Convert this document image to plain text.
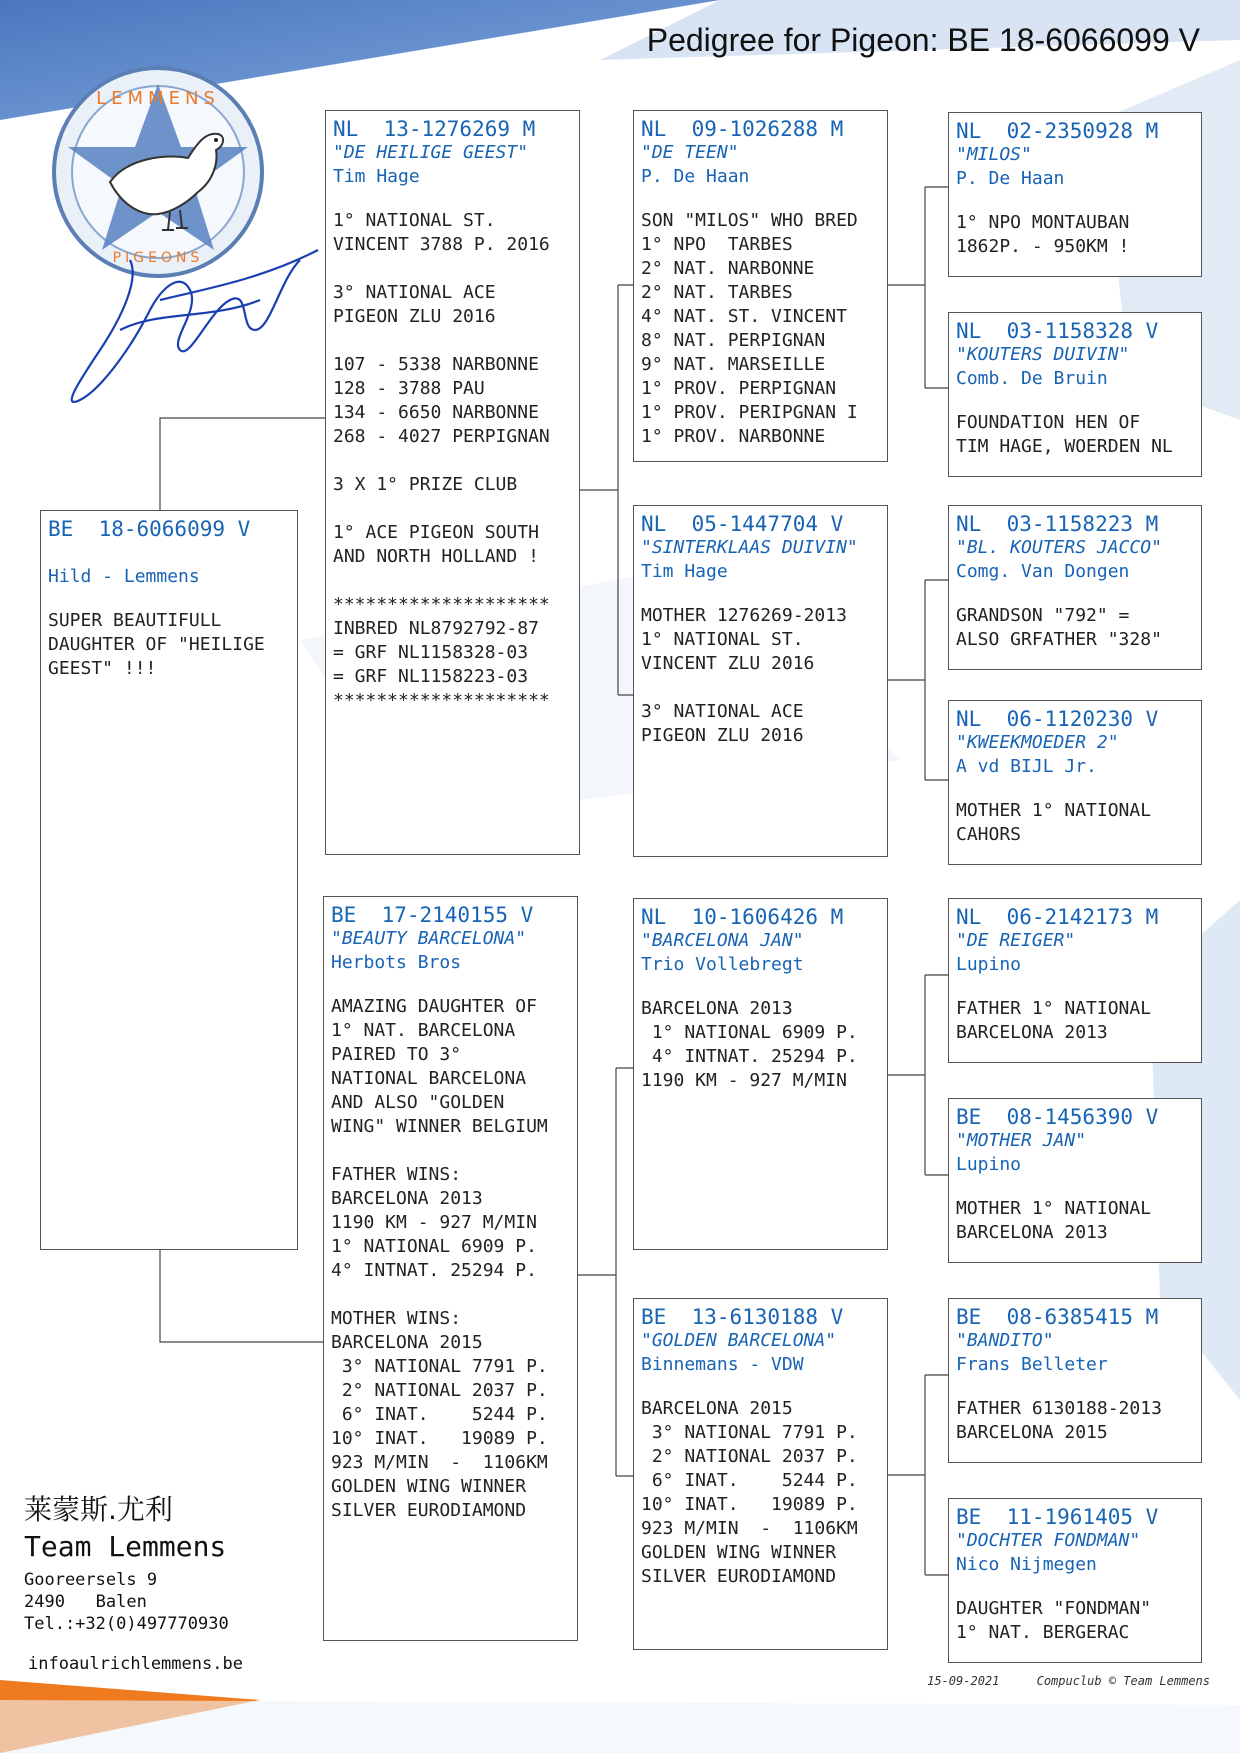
Pedigree for Pigeon: BE 18-6066099 V
LEMMENS
PIGEONS
BE  18-6066099 V
Hild - Lemmens
SUPER BEAUTIFULL
DAUGHTER OF "HEILIGE
GEEST" !!!
NL  13-1276269 M
"DE HEILIGE GEEST"
Tim Hage
1° NATIONAL ST.
VINCENT 3788 P. 2016

3° NATIONAL ACE
PIGEON ZLU 2016

107 - 5338 NARBONNE
128 - 3788 PAU
134 - 6650 NARBONNE
268 - 4027 PERPIGNAN

3 X 1° PRIZE CLUB

1° ACE PIGEON SOUTH
AND NORTH HOLLAND !

********************
INBRED NL8792792-87
= GRF NL1158328-03
= GRF NL1158223-03
********************
BE  17-2140155 V
"BEAUTY BARCELONA"
Herbots Bros
AMAZING DAUGHTER OF
1° NAT. BARCELONA
PAIRED TO 3°
NATIONAL BARCELONA
AND ALSO "GOLDEN
WING" WINNER BELGIUM

FATHER WINS:
BARCELONA 2013
1190 KM - 927 M/MIN
1° NATIONAL 6909 P.
4° INTNAT. 25294 P.

MOTHER WINS:
BARCELONA 2015
3° NATIONAL 7791 P.
2° NATIONAL 2037 P.
6° INAT.    5244 P.
10° INAT.   19089 P.
923 M/MIN  -  1106KM
GOLDEN WING WINNER
SILVER EURODIAMOND
NL  09-1026288 M
"DE TEEN"
P. De Haan
SON "MILOS" WHO BRED
1° NPO  TARBES
2° NAT. NARBONNE
2° NAT. TARBES
4° NAT. ST. VINCENT
8° NAT. PERPIGNAN
9° NAT. MARSEILLE
1° PROV. PERPIGNAN
1° PROV. PERIPGNAN I
1° PROV. NARBONNE
NL  05-1447704 V
"SINTERKLAAS DUIVIN"
Tim Hage
MOTHER 1276269-2013
1° NATIONAL ST.
VINCENT ZLU 2016

3° NATIONAL ACE
PIGEON ZLU 2016
NL  10-1606426 M
"BARCELONA JAN"
Trio Vollebregt
BARCELONA 2013
1° NATIONAL 6909 P.
4° INTNAT. 25294 P.
1190 KM - 927 M/MIN
BE  13-6130188 V
"GOLDEN BARCELONA"
Binnemans - VDW
BARCELONA 2015
3° NATIONAL 7791 P.
2° NATIONAL 2037 P.
6° INAT.    5244 P.
10° INAT.   19089 P.
923 M/MIN  -  1106KM
GOLDEN WING WINNER
SILVER EURODIAMOND
NL  02-2350928 M
"MILOS"
P. De Haan
1° NPO MONTAUBAN
1862P. - 950KM !
NL  03-1158328 V
"KOUTERS DUIVIN"
Comb. De Bruin
FOUNDATION HEN OF
TIM HAGE, WOERDEN NL
NL  03-1158223 M
"BL. KOUTERS JACCO"
Comg. Van Dongen
GRANDSON "792" =
ALSO GRFATHER "328"
NL  06-1120230 V
"KWEEKMOEDER 2"
A vd BIJL Jr.
MOTHER 1° NATIONAL
CAHORS
NL  06-2142173 M
"DE REIGER"
Lupino
FATHER 1° NATIONAL
BARCELONA 2013
BE  08-1456390 V
"MOTHER JAN"
Lupino
MOTHER 1° NATIONAL
BARCELONA 2013
BE  08-6385415 M
"BANDITO"
Frans Belleter
FATHER 6130188-2013
BARCELONA 2015
BE  11-1961405 V
"DOCHTER FONDMAN"
Nico Nijmegen
DAUGHTER "FONDMAN"
1° NAT. BERGERAC
莱蒙斯.尤利
Team Lemmens
Gooreersels 9
2490   Balen
Tel.:+32(0)497770930
infoaulrichlemmens.be
15-09-2021	Compuclub © Team Lemmens
